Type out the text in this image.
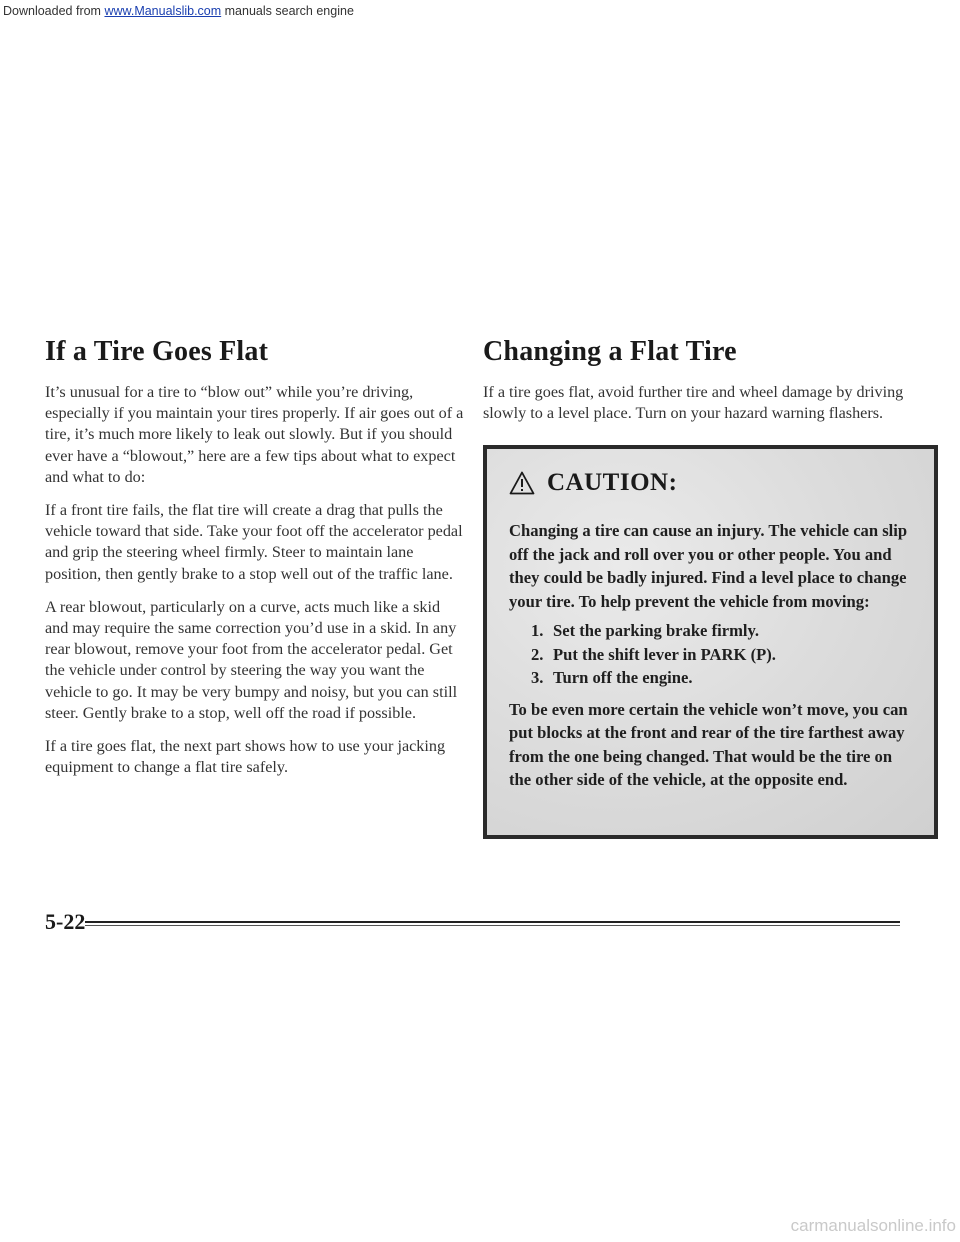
Downloaded from www.Manualslib.com manuals search engine
If a Tire Goes Flat

It’s unusual for a tire to “blow out” while you’re driving, especially if you maintain your tires properly. If air goes out of a tire, it’s much more likely to leak out slowly. But if you should ever have a “blowout,” here are a few tips about what to expect and what to do:

If a front tire fails, the flat tire will create a drag that pulls the vehicle toward that side. Take your foot off the accelerator pedal and grip the steering wheel firmly. Steer to maintain lane position, then gently brake to a stop well out of the traffic lane.

A rear blowout, particularly on a curve, acts much like a skid and may require the same correction you’d use in a skid. In any rear blowout, remove your foot from the accelerator pedal. Get the vehicle under control by steering the way you want the vehicle to go. It may be very bumpy and noisy, but you can still steer. Gently brake to a stop, well off the road if possible.

If a tire goes flat, the next part shows how to use your jacking equipment to change a flat tire safely.

Changing a Flat Tire

If a tire goes flat, avoid further tire and wheel damage by driving slowly to a level place. Turn on your hazard warning flashers.

CAUTION:

Changing a tire can cause an injury. The vehicle can slip off the jack and roll over you or other people. You and they could be badly injured. Find a level place to change your tire. To help prevent the vehicle from moving:

1. Set the parking brake firmly.
2. Put the shift lever in PARK (P).
3. Turn off the engine.

To be even more certain the vehicle won’t move, you can put blocks at the front and rear of the tire farthest away from the one being changed. That would be the tire on the other side of the vehicle, at the opposite end.

5-22
carmanualsonline.info
